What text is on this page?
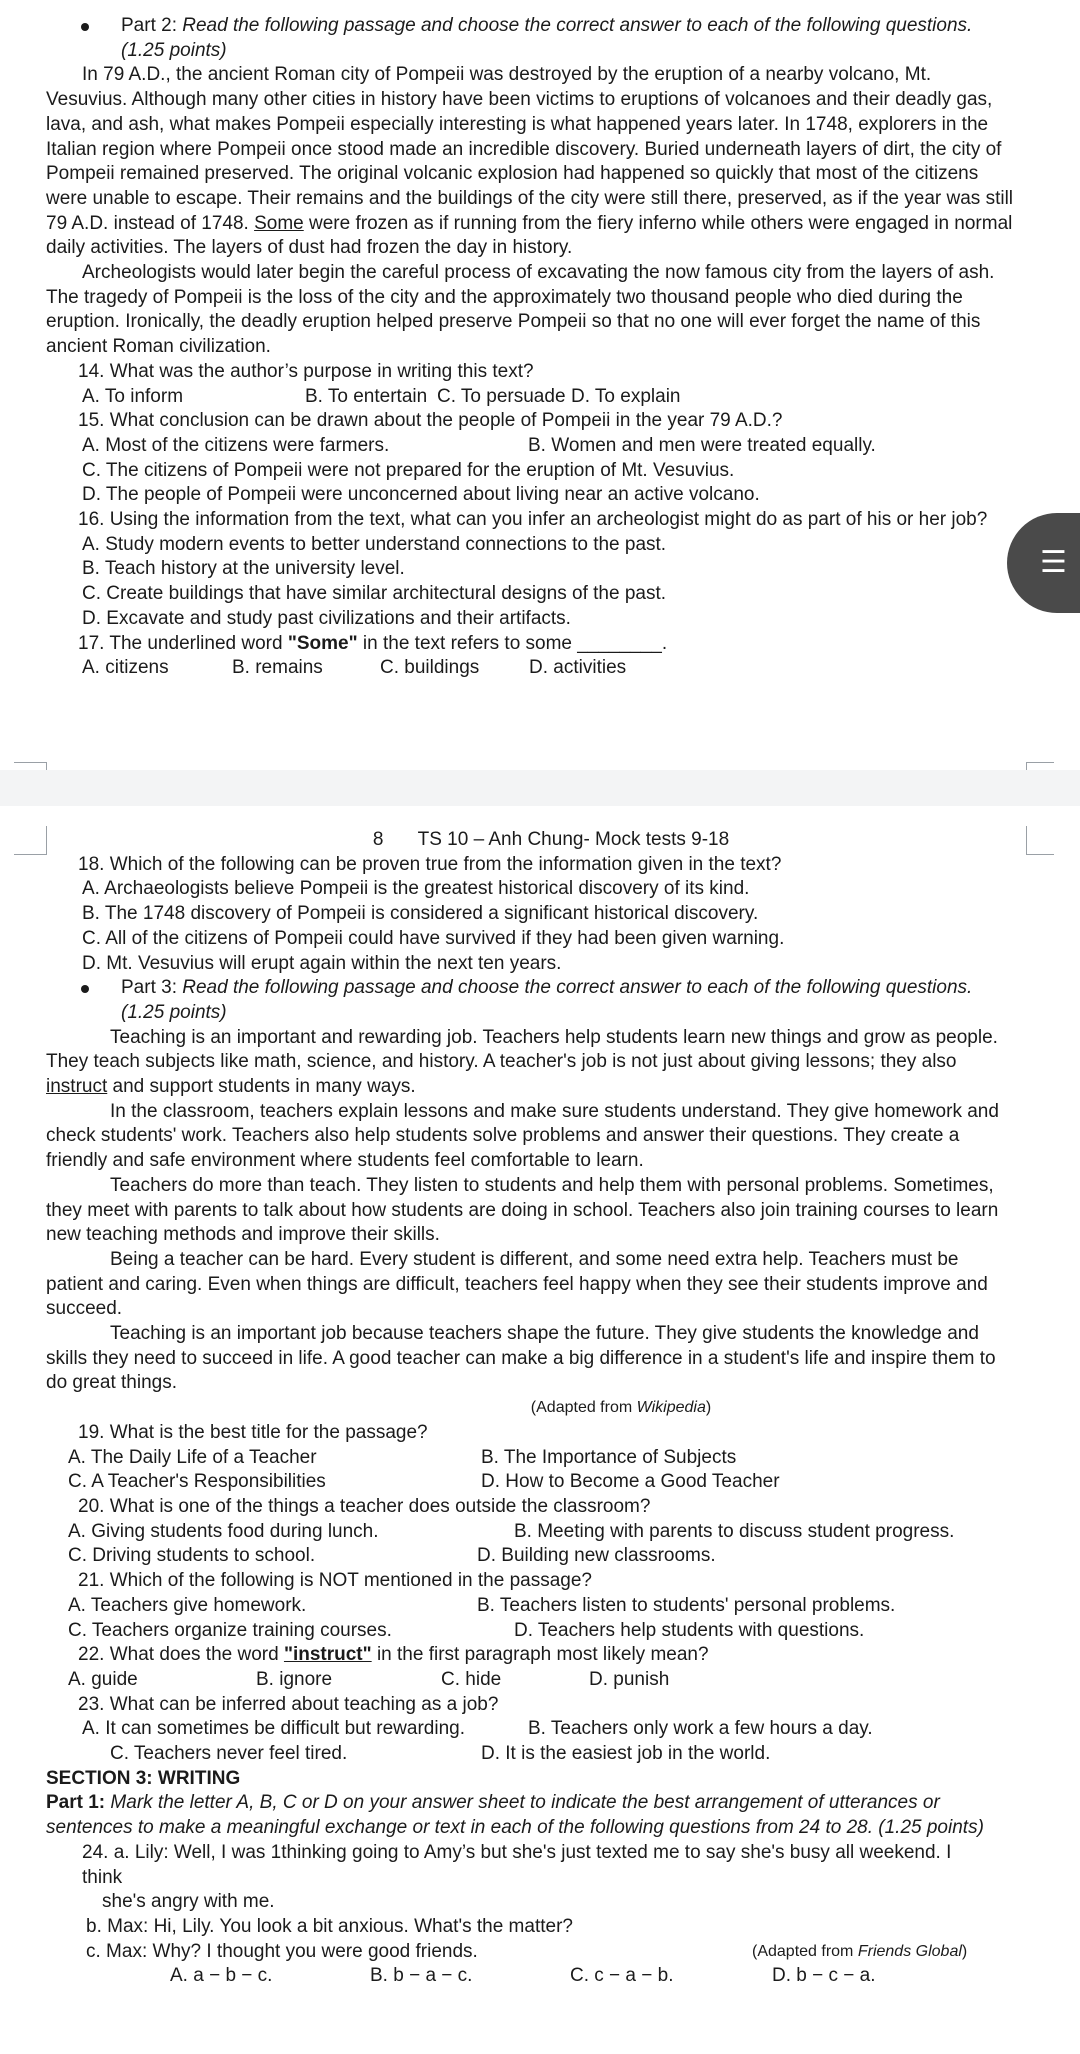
Part 2: Read the following passage and choose the correct answer to each of the following questions. (1.25 points)

In 79 A.D., the ancient Roman city of Pompeii was destroyed by the eruption of a nearby volcano, Mt. Vesuvius. Although many other cities in history have been victims to eruptions of volcanoes and their deadly gas, lava, and ash, what makes Pompeii especially interesting is what happened years later. In 1748, explorers in the Italian region where Pompeii once stood made an incredible discovery. Buried underneath layers of dirt, the city of Pompeii remained preserved. The original volcanic explosion had happened so quickly that most of the citizens were unable to escape. Their remains and the buildings of the city were still there, preserved, as if the year was still 79 A.D. instead of 1748. Some were frozen as if running from the fiery inferno while others were engaged in normal daily activities. The layers of dust had frozen the day in history.

Archeologists would later begin the careful process of excavating the now famous city from the layers of ash. The tragedy of Pompeii is the loss of the city and the approximately two thousand people who died during the eruption. Ironically, the deadly eruption helped preserve Pompeii so that no one will ever forget the name of this ancient Roman civilization.

14. What was the author’s purpose in writing this text?

A. To inform	B. To entertain C. To persuade D. To explain

15. What conclusion can be drawn about the people of Pompeii in the year 79 A.D.?

A. Most of the citizens were farmers.	B. Women and men were treated equally.

C. The citizens of Pompeii were not prepared for the eruption of Mt. Vesuvius.

D. The people of Pompeii were unconcerned about living near an active volcano.

16. Using the information from the text, what can you infer an archeologist might do as part of his or her job?

A. Study modern events to better understand connections to the past.

B. Teach history at the university level.

C. Create buildings that have similar architectural designs of the past.

D. Excavate and study past civilizations and their artifacts.

17. The underlined word "Some" in the text refers to some ________.

A. citizens	B. remains	C. buildings	D. activities
8 TS 10 – Anh Chung- Mock tests 9-18

18. Which of the following can be proven true from the information given in the text?

A. Archaeologists believe Pompeii is the greatest historical discovery of its kind.

B. The 1748 discovery of Pompeii is considered a significant historical discovery.

C. All of the citizens of Pompeii could have survived if they had been given warning.

D. Mt. Vesuvius will erupt again within the next ten years.

Part 3: Read the following passage and choose the correct answer to each of the following questions. (1.25 points)

Teaching is an important and rewarding job. Teachers help students learn new things and grow as people. They teach subjects like math, science, and history. A teacher's job is not just about giving lessons; they also instruct and support students in many ways.

In the classroom, teachers explain lessons and make sure students understand. They give homework and check students' work. Teachers also help students solve problems and answer their questions. They create a friendly and safe environment where students feel comfortable to learn.

Teachers do more than teach. They listen to students and help them with personal problems. Sometimes, they meet with parents to talk about how students are doing in school. Teachers also join training courses to learn new teaching methods and improve their skills.

Being a teacher can be hard. Every student is different, and some need extra help. Teachers must be patient and caring. Even when things are difficult, teachers feel happy when they see their students improve and succeed.

Teaching is an important job because teachers shape the future. They give students the knowledge and skills they need to succeed in life. A good teacher can make a big difference in a student's life and inspire them to do great things.

(Adapted from Wikipedia)

19. What is the best title for the passage?

A. The Daily Life of a Teacher	B. The Importance of Subjects
C. A Teacher's Responsibilities	D. How to Become a Good Teacher

20. What is one of the things a teacher does outside the classroom?

A. Giving students food during lunch.	B. Meeting with parents to discuss student progress.
C. Driving students to school.	D. Building new classrooms.

21. Which of the following is NOT mentioned in the passage?

A. Teachers give homework.	B. Teachers listen to students' personal problems.
C. Teachers organize training courses.	D. Teachers help students with questions.

22. What does the word "instruct" in the first paragraph most likely mean?

A. guide	B. ignore	C. hide	D. punish

23. What can be inferred about teaching as a job?

A. It can sometimes be difficult but rewarding.	B. Teachers only work a few hours a day.
C. Teachers never feel tired.	D. It is the easiest job in the world.

SECTION 3: WRITING

Part 1: Mark the letter A, B, C or D on your answer sheet to indicate the best arrangement of utterances or sentences to make a meaningful exchange or text in each of the following questions from 24 to 28. (1.25 points)

24. a. Lily: Well, I was 1thinking going to Amy’s but she's just texted me to say she's busy all weekend. I think

she's angry with me.

b. Max: Hi, Lily. You look a bit anxious. What's the matter?

c. Max: Why? I thought you were good friends.	(Adapted from Friends Global)
A. a − b − c.	B. b − a − c.	C. c − a − b.	D. b − c − a.
☰
